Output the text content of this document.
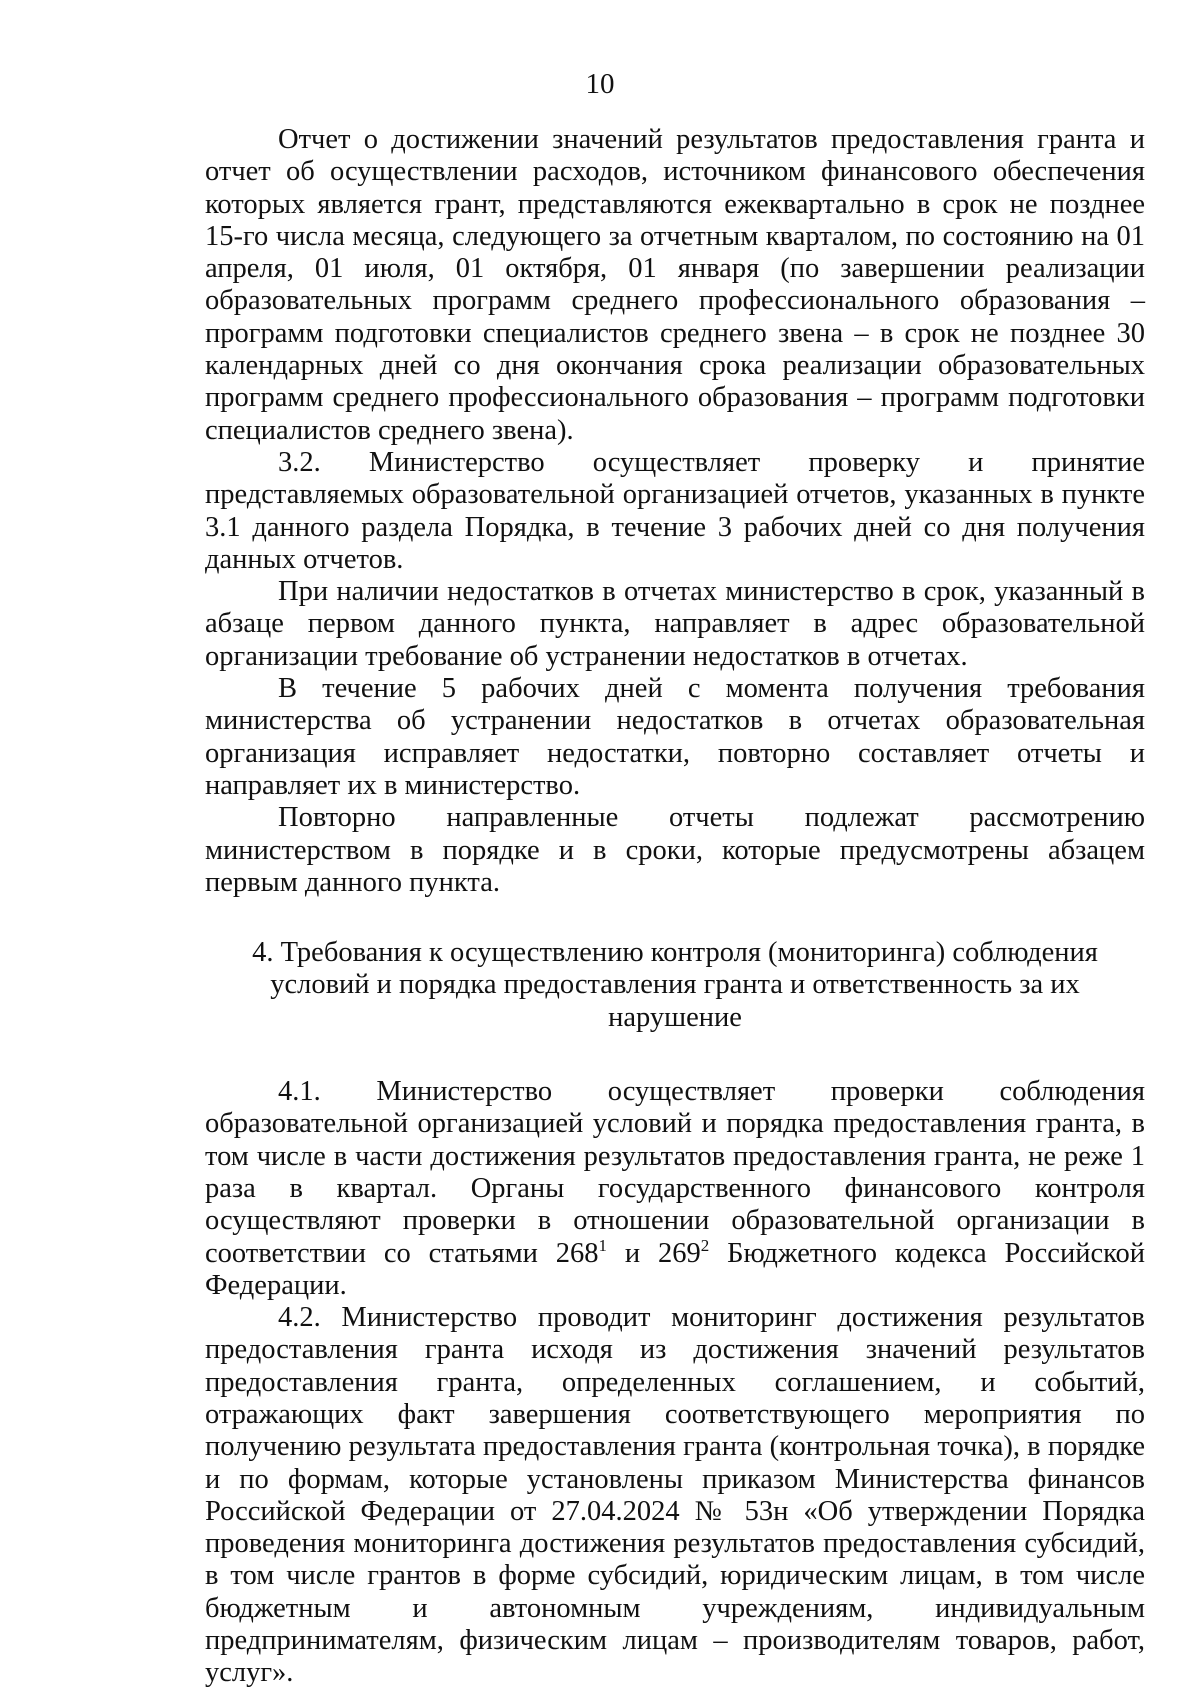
10

Отчет о достижении значений результатов предоставления гранта и отчет об осуществлении расходов, источником финансового обеспечения которых является грант, представляются ежеквартально в срок не позднее 15-го числа месяца, следующего за отчетным кварталом, по состоянию на 01 апреля, 01 июля, 01 октября, 01 января (по завершении реализации образовательных программ среднего профессионального образования – программ подготовки специалистов среднего звена – в срок не позднее 30 календарных дней со дня окончания срока реализации образовательных программ среднего профессионального образования – программ подготовки специалистов среднего звена).

3.2. Министерство осуществляет проверку и принятие представляемых образовательной организацией отчетов, указанных в пункте 3.1 данного раздела Порядка, в течение 3 рабочих дней со дня получения данных отчетов.

При наличии недостатков в отчетах министерство в срок, указанный в абзаце первом данного пункта, направляет в адрес образовательной организации требование об устранении недостатков в отчетах.

В течение 5 рабочих дней с момента получения требования министерства об устранении недостатков в отчетах образовательная организация исправляет недостатки, повторно составляет отчеты и направляет их в министерство.

Повторно направленные отчеты подлежат рассмотрению министерством в порядке и в сроки, которые предусмотрены абзацем первым данного пункта.

4. Требования к осуществлению контроля (мониторинга) соблюдения
условий и порядка предоставления гранта и ответственность за их нарушение

4.1. Министерство осуществляет проверки соблюдения образовательной организацией условий и порядка предоставления гранта, в том числе в части достижения результатов предоставления гранта, не реже 1 раза в квартал. Органы государственного финансового контроля осуществляют проверки в отношении образовательной организации в соответствии со статьями $268^1$ и $269^2$ Бюджетного кодекса Российской Федерации.

4.2. Министерство проводит мониторинг достижения результатов предоставления гранта исходя из достижения значений результатов предоставления гранта, определенных соглашением, и событий, отражающих факт завершения соответствующего мероприятия по получению результата предоставления гранта (контрольная точка), в порядке и по формам, которые установлены приказом Министерства финансов Российской Федерации от 27.04.2024 № 53н «Об утверждении Порядка проведения мониторинга достижения результатов предоставления субсидий, в том числе грантов в форме субсидий, юридическим лицам, в том числе бюджетным и автономным учреждениям, индивидуальным предпринимателям, физическим лицам – производителям товаров, работ, услуг».
